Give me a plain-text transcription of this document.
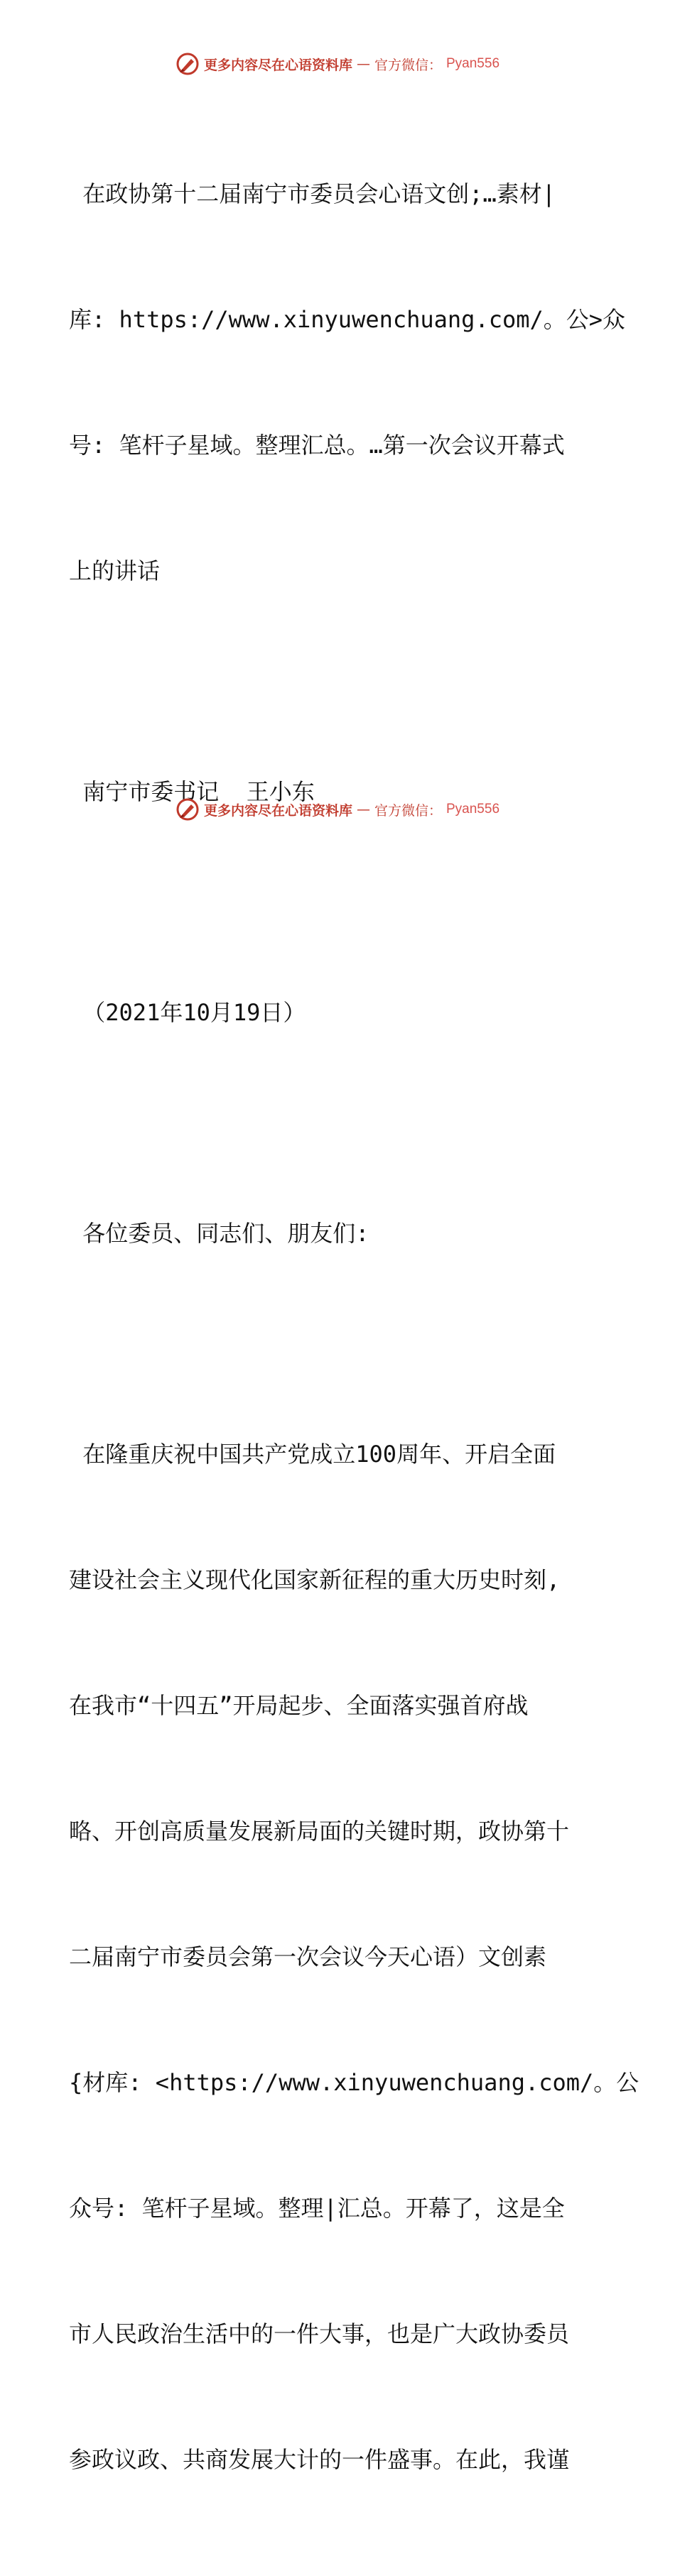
更多内容尽在心语资料库 — 官方微信： Pyan556

在政协第十二届南宁市委员会心语文创;…素材|

库: https://www.xinyuwenchuang.com/。公>众

号: 笔杆子星域。整理汇总。…第一次会议开幕式

上的讲话

南宁市委书记  王小东

（2021年10月19日）

各位委员、同志们、朋友们:

在隆重庆祝中国共产党成立100周年、开启全面

建设社会主义现代化国家新征程的重大历史时刻,

在我市“十四五”开局起步、全面落实强首府战

略、开创高质量发展新局面的关键时期，政协第十

二届南宁市委员会第一次会议今天心语）文创素

{材库: <https://www.xinyuwenchuang.com/。公

众号: 笔杆子星域。整理|汇总。开幕了，这是全

市人民政治生活中的一件大事，也是广大政协委员

参政议政、共商发展大计的一件盛事。在此，我谨

更多内容尽在心语资料库 — 官方微信： Pyan556
